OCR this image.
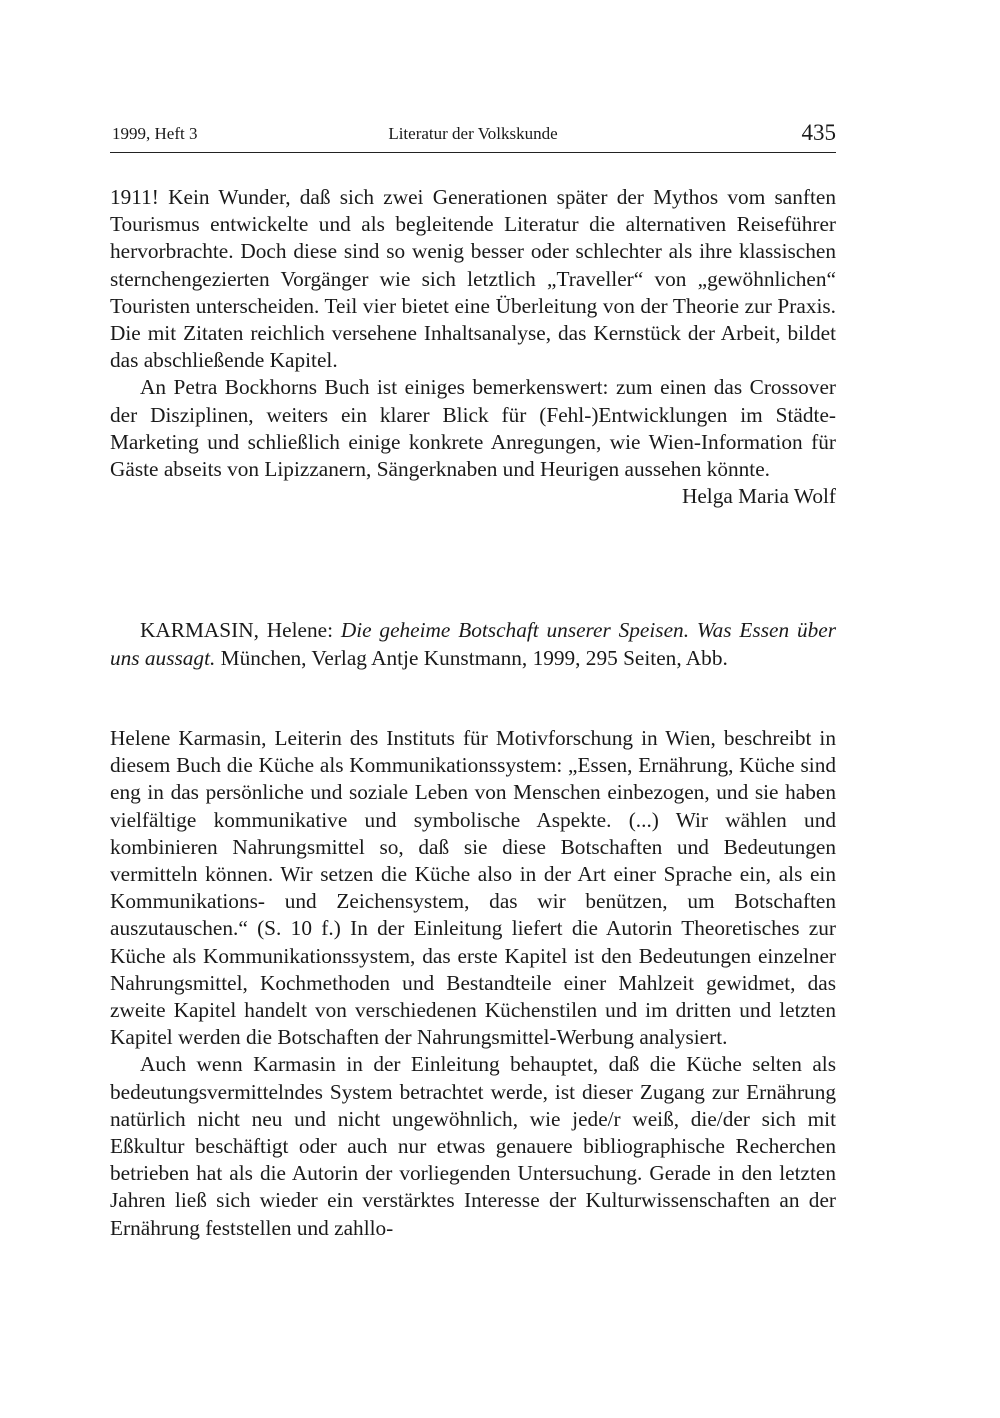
1999, Heft 3	Literatur der Volkskunde	435

1911! Kein Wunder, daß sich zwei Generationen später der Mythos vom sanften Tourismus entwickelte und als begleitende Literatur die alternativen Reiseführer hervorbrachte. Doch diese sind so wenig besser oder schlechter als ihre klassischen sternchengezierten Vorgänger wie sich letztlich „Traveller“ von „gewöhnlichen“ Touristen unterscheiden. Teil vier bietet eine Überleitung von der Theorie zur Praxis. Die mit Zitaten reichlich versehene Inhaltsanalyse, das Kernstück der Arbeit, bildet das abschließende Kapitel.

An Petra Bockhorns Buch ist einiges bemerkenswert: zum einen das Crossover der Disziplinen, weiters ein klarer Blick für (Fehl-)Entwicklungen im Städte-Marketing und schließlich einige konkrete Anregungen, wie Wien-Information für Gäste abseits von Lipizzanern, Sängerknaben und Heurigen aussehen könnte.

Helga Maria Wolf

KARMASIN, Helene: Die geheime Botschaft unserer Speisen. Was Essen über uns aussagt. München, Verlag Antje Kunstmann, 1999, 295 Seiten, Abb.

Helene Karmasin, Leiterin des Instituts für Motivforschung in Wien, beschreibt in diesem Buch die Küche als Kommunikationssystem: „Essen, Ernährung, Küche sind eng in das persönliche und soziale Leben von Menschen einbezogen, und sie haben vielfältige kommunikative und symbolische Aspekte. (...) Wir wählen und kombinieren Nahrungsmittel so, daß sie diese Botschaften und Bedeutungen vermitteln können. Wir setzen die Küche also in der Art einer Sprache ein, als ein Kommunikations- und Zeichensystem, das wir benützen, um Botschaften auszutauschen.“ (S. 10 f.) In der Einleitung liefert die Autorin Theoretisches zur Küche als Kommunikationssystem, das erste Kapitel ist den Bedeutungen einzelner Nahrungsmittel, Kochmethoden und Bestandteile einer Mahlzeit gewidmet, das zweite Kapitel handelt von verschiedenen Küchenstilen und im dritten und letzten Kapitel werden die Botschaften der Nahrungsmittel-Werbung analysiert.

Auch wenn Karmasin in der Einleitung behauptet, daß die Küche selten als bedeutungsvermittelndes System betrachtet werde, ist dieser Zugang zur Ernährung natürlich nicht neu und nicht ungewöhnlich, wie jede/r weiß, die/der sich mit Eßkultur beschäftigt oder auch nur etwas genauere bibliographische Recherchen betrieben hat als die Autorin der vorliegenden Untersuchung. Gerade in den letzten Jahren ließ sich wieder ein verstärktes Interesse der Kulturwissenschaften an der Ernährung feststellen und zahllo-
